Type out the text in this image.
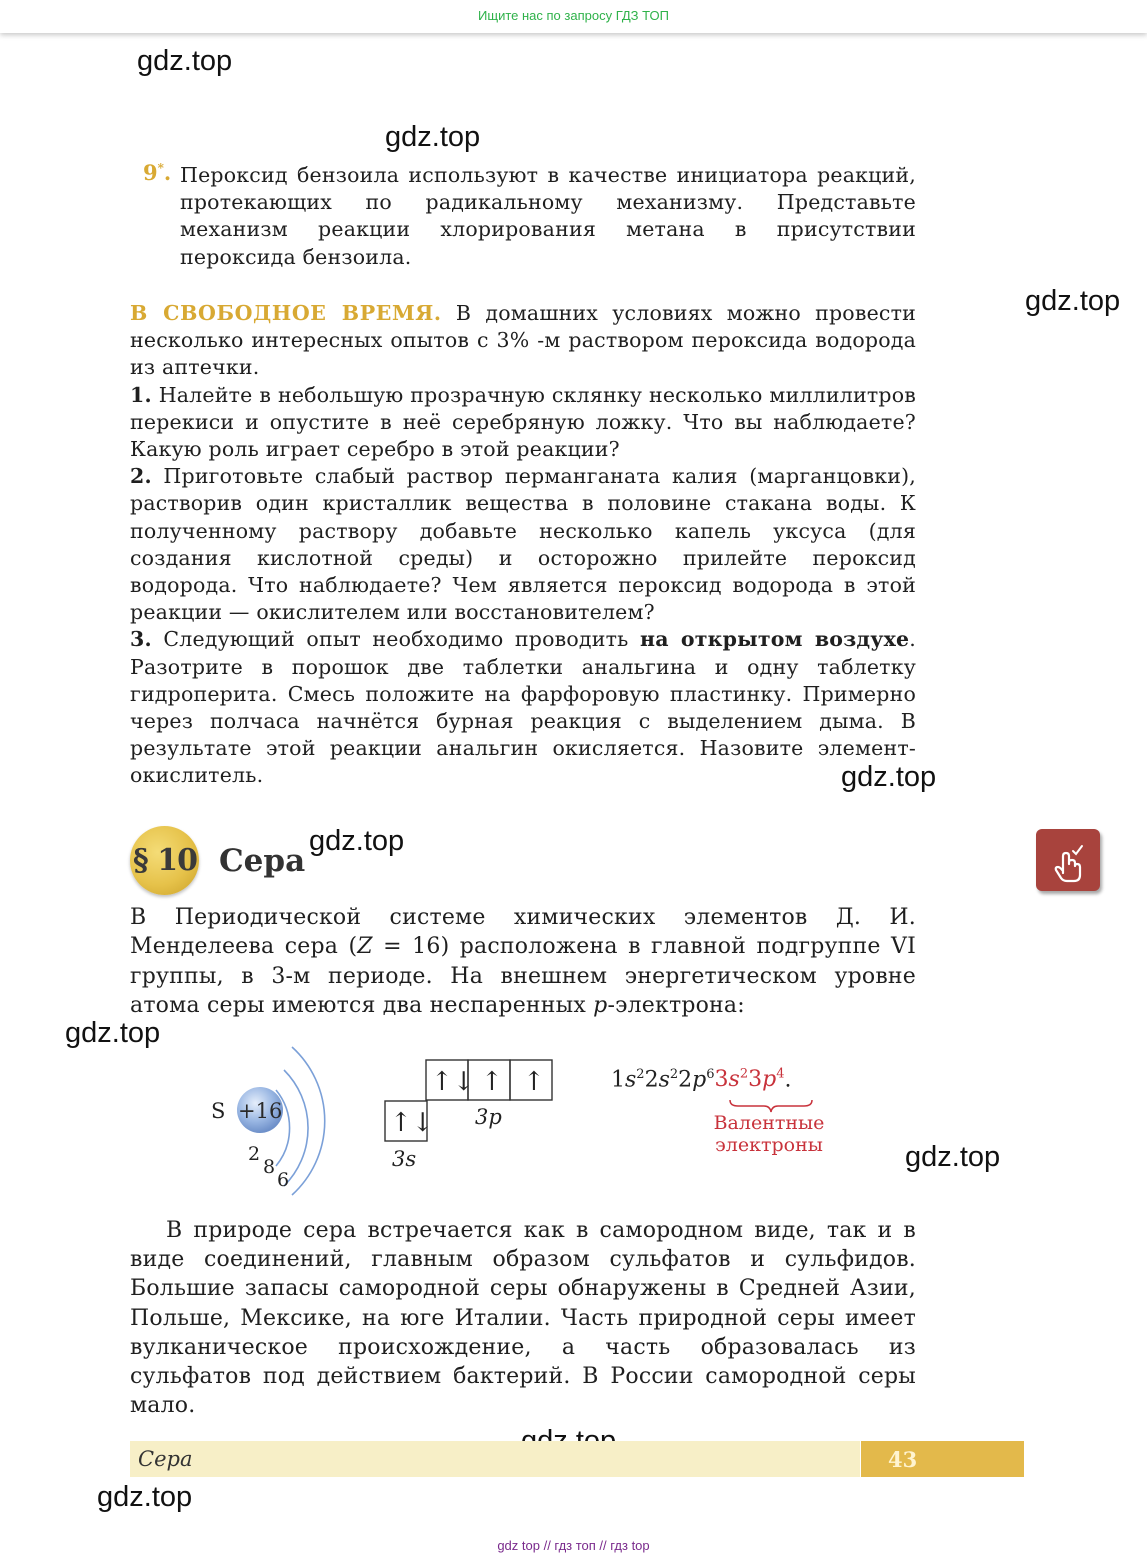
Ищите нас по запросу ГДЗ ТОП
gdz.top
gdz.top
gdz.top
gdz.top
gdz.top
gdz.top
gdz.top
gdz.top
9*. Пероксид бензоила используют в качестве инициатора реакций, протекающих по радикальному механизму. Представьте механизм реакции хлорирования метана в присутствии пероксида бензоила.

В СВОБОДНОЕ ВРЕМЯ. В домашних условиях можно провести несколько интересных опытов с 3% -м раствором пероксида водорода из аптечки.

1. Налейте в небольшую прозрачную склянку несколько миллилитров перекиси и опустите в неё серебряную ложку. Что вы наблюдаете? Какую роль играет серебро в этой реакции?

2. Приготовьте слабый раствор перманганата калия (марганцовки), растворив один кристаллик вещества в половине стакана воды. К полученному раствору добавьте несколько капель уксуса (для создания кислотной среды) и осторожно прилейте пероксид водорода. Что наблюдаете? Чем является пероксид водорода в этой реакции — окислителем или восстановителем?

3. Следующий опыт необходимо проводить на открытом воздухе. Разотрите в порошок две таблетки анальгина и одну таблетку гидроперита. Смесь положите на фарфоровую пластинку. Примерно через полчаса начнётся бурная реакция с выделением дыма. В результате этой реакции анальгин окисляется. Назовите элемент-окислитель.

§ 10 Сера

В Периодической системе химических элементов Д. И. Менделеева сера (Z = 16) расположена в главной подгруппе VI группы, в 3-м периоде. На внешнем энергетическом уровне атома серы имеются два неспаренных p-электрона:

S +16
2
8
6
↑↓ ↑ ↑
↑↓ 3p
3s
$1s^22s^22p^63s^23p^4$.
Валентные
электроны

В природе сера встречается как в самородном виде, так и в виде соединений, главным образом сульфатов и сульфидов. Большие запасы самородной серы обнаружены в Средней Азии, Польше, Мексике, на юге Италии. Часть природной серы имеет вулканическое происхождение, а часть образовалась из сульфатов под действием бактерий. В России самородной серы мало.

Сера	43
gdz top // гдз топ // гдз top
